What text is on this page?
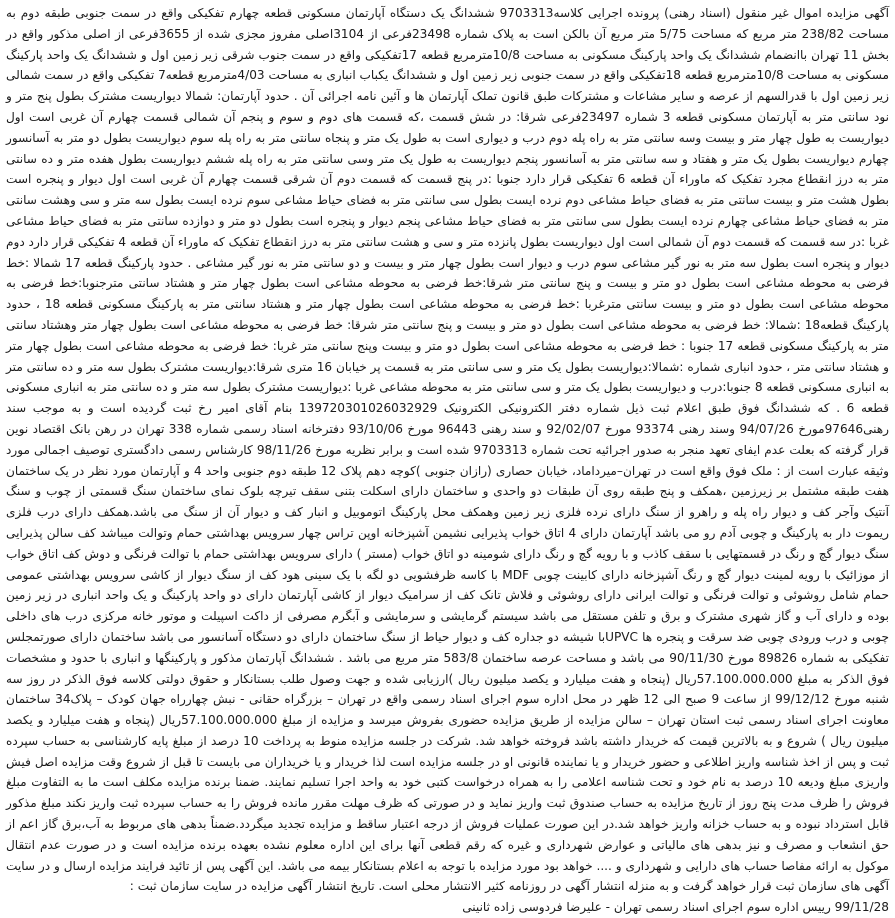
آگهی مزایده اموال غیر منقول (اسناد رهنی) پرونده اجرایی کلاسه9703313 ششدانگ یک دستگاه آپارتمان مسکونی قطعه چهارم تفکیکی واقع در سمت جنوبی طبقه دوم به مساحت 238/82 متر مربع که مساحت 5/75 متر مربع آن بالکن است به پلاک شماره 23498فرعی از 3104اصلی مفروز مجزی شده از 3655فرعی از اصلی مذکور واقع در بخش 11 تهران باانضمام ششدانگ یک واحد پارکینگ مسکونی به مساحت 10/8مترمربع قطعه 17تفکیکی واقع در سمت جنوب شرقی زیر زمین اول و ششدانگ یک واحد پارکینگ مسکونی به مساحت 10/8مترمربع قطعه 18تفکیکی واقع در سمت جنوبی زیر زمین اول و ششدانگ یکباب انباری به مساحت 4/03مترمربع قطعه7 تفکیکی واقع در سمت شمالی زیر زمین اول با قدرالسهم از عرصه و سایر مشاعات و مشترکات طبق قانون تملک آپارتمان ها و آئین نامه اجرائی آن . حدود آپارتمان: شمالا دیواریست مشترک بطول پنج متر و نود سانتی متر به آپارتمان مسکونی قطعه 3 شماره 23497فرعی شرقا: در شش قسمت ،که قسمت های دوم و سوم و پنجم آن شمالی قسمت چهارم آن غربی است اول دیواریست به طول چهار متر و بیست وسه سانتی متر به راه پله دوم درب و دیواری است به طول یک متر و پنجاه سانتی متر به راه پله سوم دیواریست بطول دو متر به آسانسور چهارم دیواریست بطول یک متر و هفتاد و سه سانتی متر به آسانسور پنجم دیواریست به طول یک متر وسی سانتی متر به راه پله ششم دیواریست بطول هفده متر و ده سانتی متر به درز انقطاع مجرد تفکیک که ماوراء آن قطعه 6 تفکیکی قرار دارد جنوبا :در پنج قسمت که قسمت دوم آن شرقی قسمت چهارم آن غربی است اول دیوار و پنجره است بطول هشت متر و بیست سانتی متر به فضای حیاط مشاعی دوم نرده ایست بطول سی سانتی متر به فضای حیاط مشاعی سوم نرده ایست بطول سه متر و سی وهشت سانتی متر به فضای حیاط مشاعی چهارم نرده ایست بطول سی سانتی متر به فضای حیاط مشاعی پنجم دیوار و پنجره است بطول دو متر و دوازده سانتی متر به فضای حیاط مشاعی غربا :در سه قسمت که قسمت دوم آن شمالی است اول دیواریست بطول پانزده متر و سی و هشت سانتی متر به درز انقطاع تفکیک که ماوراء آن قطعه 4 تفکیکی قرار دارد دوم دیوار و پنجره است بطول سه متر به نور گیر مشاعی سوم درب و دیوار است بطول چهار متر و بیست و دو سانتی متر به نور گیر مشاعی . حدود پارکینگ قطعه 17 شمالا :خط فرضی به محوطه مشاعی است بطول دو متر و بیست و پنج سانتی متر شرقا:خط فرضی به محوطه مشاعی است بطول چهار متر و هشتاد سانتی مترجنوبا:خط فرضی به محوطه مشاعی است بطول دو متر و بیست سانتی مترغربا :خط فرضی به محوطه مشاعی است بطول چهار متر و هشتاد سانتی متر به پارکینگ مسکونی قطعه 18 ، حدود پارکینگ قطعه18 :شمالا: خط فرضی به محوطه مشاعی است بطول دو متر و بیست و پنج سانتی متر شرقا: خط فرضی به محوطه مشاعی است بطول چهار متر وهشتاد سانتی متر به پارکینگ مسکونی قطعه 17 جنوبا : خط فرضی به محوطه مشاعی است بطول دو متر و بیست وپنج سانتی متر غربا: خط فرضی به محوطه مشاعی است بطول چهار متر و هشتاد سانتی متر ، حدود انباری شماره :شمالا:دیواریست بطول یک متر و سی سانتی متر به قسمت پر خیابان 16 متری شرقا:دیواریست مشترک بطول سه متر و ده سانتی متر به انباری مسکونی قطعه 8 جنوبا:درب و دیواریست بطول یک متر و سی سانتی متر به محوطه مشاعی غربا :دیواریست مشترک بطول سه متر و ده سانتی متر به انباری مسکونی قطعه 6 . که ششدانگ فوق طبق اعلام ثبت ذیل شماره دفتر الکترونیکی الکترونیک 139720301026032929 بنام آقای امیر رخ ثبت گردیده است و به موجب سند رهنی97646مورخ 94/07/26 وسند رهنی 93374 مورخ 92/02/07 و سند رهنی 96443 مورخ 93/10/06 دفترخانه اسناد رسمی شماره 338 تهران در رهن بانک اقتصاد نوین قرار گرفته که بعلت عدم ایفای تعهد منجر به صدور اجرائیه تحت شماره 9703313 شده است و برابر نظریه مورخ 98/11/26 کارشناس رسمی دادگستری توصیف اجمالی مورد وثیقه عبارت است از : ملک فوق واقع است در تهران–میرداماد، خیابان حصاری (رازان جنوبی )کوچه دهم پلاک 12 طبقه دوم جنوبی واحد 4 و آپارتمان مورد نظر در یک ساختمان هفت طبقه مشتمل بر زیرزمین ،همکف و پنج طبقه روی آن طبقات دو واحدی و ساختمان دارای اسکلت بتنی سقف تیرچه بلوک نمای ساختمان سنگ قسمتی از چوب و سنگ آنتیک وآجر کف و دیوار راه پله و راهرو از سنگ دارای نرده فلزی زیر زمین وهمکف محل پارکینگ اتوموبیل و انبار کف و دیوار آن از سنگ می باشد.همکف دارای درب فلزی ریموت دار به پارکینگ و چوبی آدم رو می باشد آپارتمان دارای 4 اتاق خواب پذیرایی نشیمن آشپزخانه اوپن تراس چهار سرویس بهداشتی حمام وتوالت میباشد کف سالن پذیرایی سنگ دیوار گچ و رنگ در قسمتهایی با سقف کاذب و با رویه گچ و رنگ دارای شومینه دو اتاق خواب (مستر ) دارای سرویس بهداشتی حمام با توالت فرنگی و دوش کف اتاق خواب از موزائیک با رویه لمینت دیوار گچ و رنگ آشپزخانه دارای کابینت چوبی MDF با کاسه ظرفشویی دو لگه با یک سینی هود کف از سنگ دیوار از کاشی سرویس بهداشتی عمومی حمام شامل روشوئی و توالت فرنگی و توالت ایرانی دارای روشوئی و فلاش تانک کف از سرامیک دیوار از کاشی آپارتمان دارای دو واحد پارکینگ و یک واحد انباری در زیر زمین بوده و دارای آب و گاز شهری مشترک و برق و تلفن مستقل می باشد سیستم گرمایشی و سرمایشی و آبگرم مصرفی از داکت اسپیلت و موتور خانه مرکزی درب های داخلی چوبی و درب ورودی چوبی ضد سرقت و پنجره ها UPVCبا شیشه دو جداره کف و دیوار حیاط از سنگ ساختمان دارای دو دستگاه آسانسور می باشد ساختمان دارای صورتمجلس تفکیکی به شماره 89826 مورخ 90/11/30 می باشد و مساحت عرصه ساختمان 583/8 متر مربع می باشد . ششدانگ آپارتمان مذکور و پارکینگها و انباری با حدود و مشخصات فوق الذکر به مبلغ 57.100.000.000ریال (پنجاه و هفت میلیارد و یکصد میلیون ریال )ارزیابی شده و جهت وصول طلب بستانکار و حقوق دولتی کلاسه فوق الذکر در روز سه شنبه مورخ 99/12/12 از ساعت 9 صبح الی 12 ظهر در محل اداره سوم اجرای اسناد رسمی واقع در تهران – بزرگراه حقانی - نبش چهارراه جهان کودک – پلاک34 ساختمان معاونت اجرای اسناد رسمی ثبت استان تهران – سالن مزایده از طریق مزایده حضوری بفروش میرسد و مزایده از مبلغ 57.100.000.000ریال (پنجاه و هفت میلیارد و یکصد میلیون ریال ) شروع و به بالاترین قیمت که خریدار داشته باشد فروخته خواهد شد. شرکت در جلسه مزایده منوط به پرداخت 10 درصد از مبلغ پایه کارشناسی به حساب سپرده ثبت و پس از اخذ شناسه واریز اطلاعی و حضور خریدار و یا نماینده قانونی او در جلسه مزایده است لذا خریدار و یا خریداران می بایست تا قبل از شروع وقت مزایده اصل فیش واریزی مبلغ ودیعه 10 درصد به نام خود و تحت شناسه اعلامی را به همراه درخواست کتبی خود به واحد اجرا تسلیم نمایند. ضمنا برنده مزایده مکلف است ما به التفاوت مبلغ فروش را ظرف مدت پنج روز از تاریخ مزایده به حساب صندوق ثبت واریز نماید و در صورتی که ظرف مهلت مقرر مانده فروش را به حساب سپرده ثبت واریز نکند مبلغ مذکور قابل استرداد نبوده و به حساب خزانه واریز خواهد شد.در این صورت عملیات فروش از درجه اعتبار ساقط و مزایده تجدید میگردد.ضمناً بدهی های مربوط به آب،برق گاز اعم از حق انشعاب و مصرف و نیز بدهی های مالیاتی و عوارض شهرداری و غیره که رقم قطعی آنها برای این اداره معلوم نشده بعهده برنده مزایده است و در صورت عدم انتقال موکول به ارائه مفاصا حساب های دارایی و شهرداری و .... خواهد بود مورد مزایده با توجه به اعلام بستانکار بیمه می باشد. این آگهی پس از تائید فرایند مزایده ارسال و در سایت آگهی های سازمان ثبت قرار خواهد گرفت و به منزله انتشار آگهی در روزنامه کثیر الانتشار محلی است. تاریخ انتشار آگهی مزایده در سایت سازمان ثبت :

99/11/28 رییس اداره سوم اجرای اسناد رسمی تهران - علیرضا فردوسی زاده ثانینی
